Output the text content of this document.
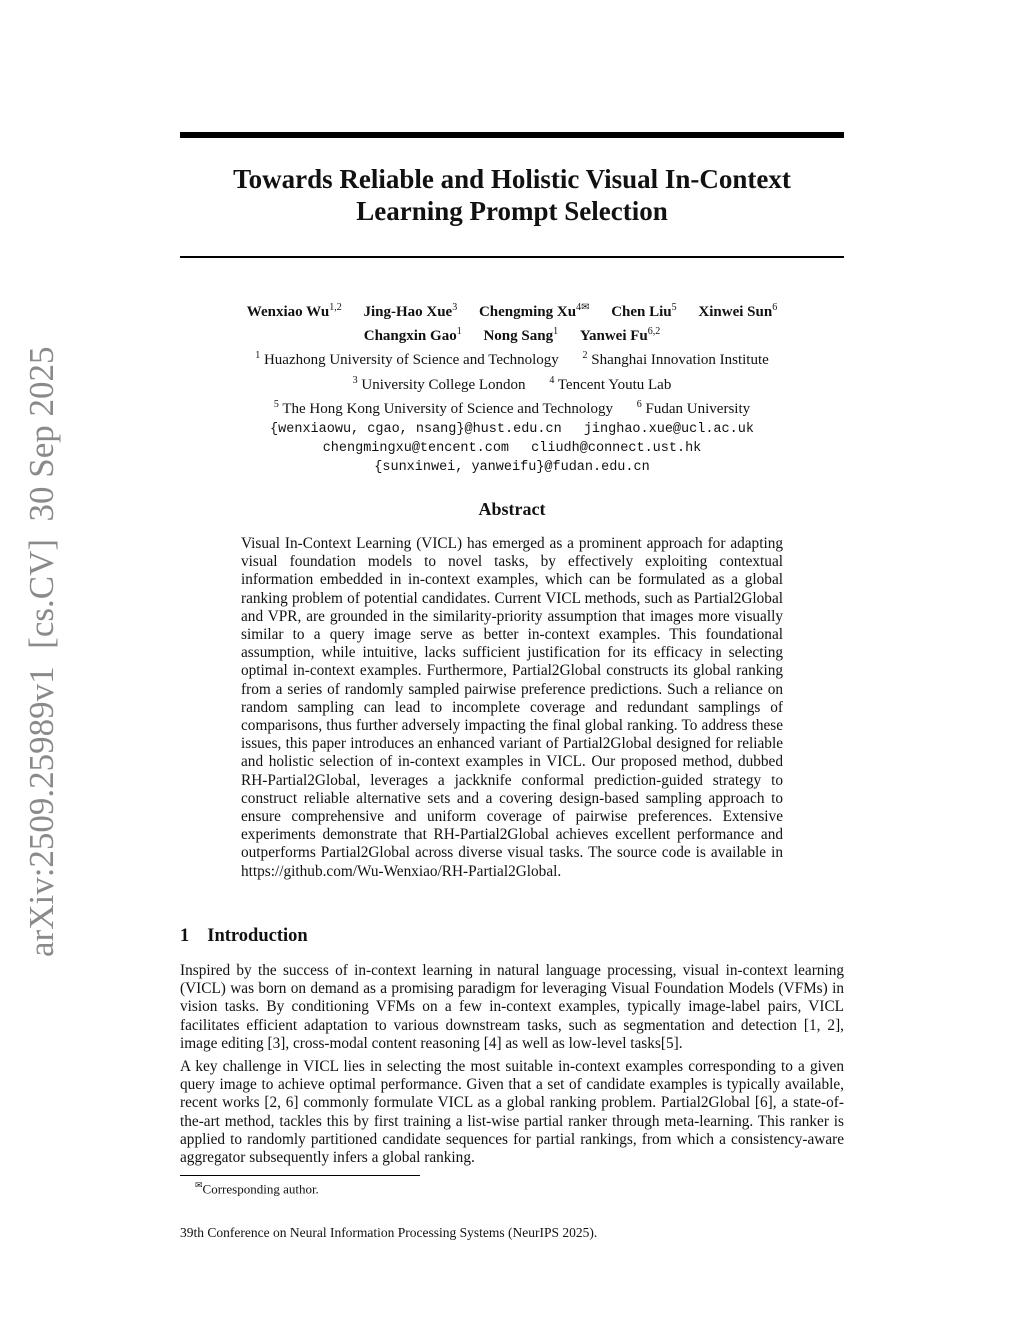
arXiv:2509.25989v1  [cs.CV]  30 Sep 2025
Towards Reliable and Holistic Visual In-Context
Learning Prompt Selection
Wenxiao Wu$^{1,2}$ Jing-Hao Xue$^3$ Chengming $Xu^{4✉}$ Chen Liu$^5$ Xinwei Sun$^6$
Changxin Gao$^1$ Nong Sang$^1$ Yanwei Fu$^{6,2}$
$^1$ Huazhong University of Science and Technology $^2$ Shanghai Innovation Institute
$^3$ University College London $^4$ Tencent Youtu Lab
$^5$ The Hong Kong University of Science and Technology $^6$ Fudan University
{wenxiaowu, cgao, nsang}@hust.edu.cn jinghao.xue@ucl.ac.uk
chengmingxu@tencent.com cliudh@connect.ust.hk
{sunxinwei, yanweifu}@fudan.edu.cn
Abstract
Visual In-Context Learning (VICL) has emerged as a prominent approach for adapting visual foundation models to novel tasks, by effectively exploiting contextual information embedded in in-context examples, which can be formulated as a global ranking problem of potential candidates. Current VICL methods, such as Partial2Global and VPR, are grounded in the similarity-priority assumption that images more visually similar to a query image serve as better in-context examples. This foundational assumption, while intuitive, lacks sufficient justification for its efficacy in selecting optimal in-context examples. Furthermore, Partial2Global constructs its global ranking from a series of randomly sampled pairwise preference predictions. Such a reliance on random sampling can lead to incomplete coverage and redundant samplings of comparisons, thus further adversely impacting the final global ranking. To address these issues, this paper introduces an enhanced variant of Partial2Global designed for reliable and holistic selection of in-context examples in VICL. Our proposed method, dubbed RH-Partial2Global, leverages a jackknife conformal prediction-guided strategy to construct reliable alternative sets and a covering design-based sampling approach to ensure comprehensive and uniform coverage of pairwise preferences. Extensive experiments demonstrate that RH-Partial2Global achieves excellent performance and outperforms Partial2Global across diverse visual tasks. The source code is available in https://github.com/Wu-Wenxiao/RH-Partial2Global.
1 Introduction
Inspired by the success of in-context learning in natural language processing, visual in-context learning (VICL) was born on demand as a promising paradigm for leveraging Visual Foundation Models (VFMs) in vision tasks. By conditioning VFMs on a few in-context examples, typically image-label pairs, VICL facilitates efficient adaptation to various downstream tasks, such as segmentation and detection [1, 2], image editing [3], cross-modal content reasoning [4] as well as low-level tasks[5].
A key challenge in VICL lies in selecting the most suitable in-context examples corresponding to a given query image to achieve optimal performance. Given that a set of candidate examples is typically available, recent works [2, 6] commonly formulate VICL as a global ranking problem. Partial2Global [6], a state-of-the-art method, tackles this by first training a list-wise partial ranker through meta-learning. This ranker is applied to randomly partitioned candidate sequences for partial rankings, from which a consistency-aware aggregator subsequently infers a global ranking.
✉Corresponding author.
39th Conference on Neural Information Processing Systems (NeurIPS 2025).
